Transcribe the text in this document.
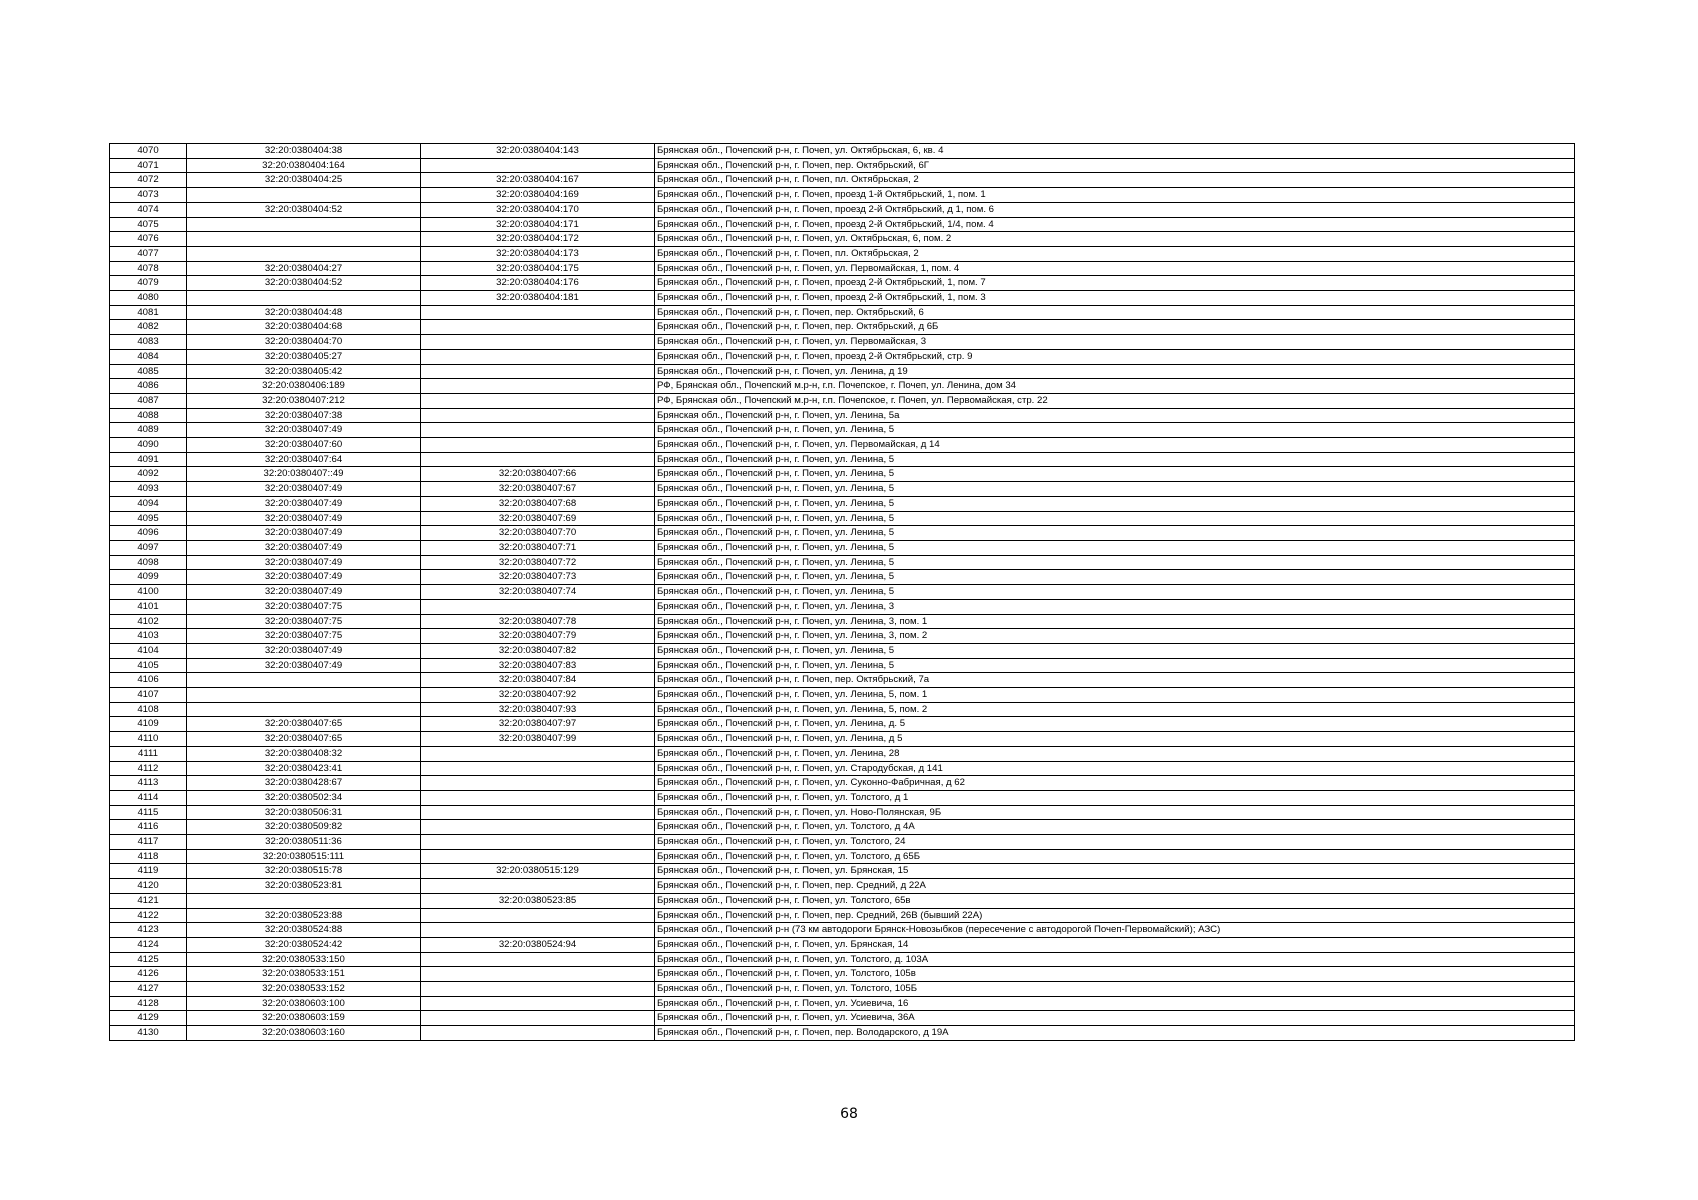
4070	32:20:0380404:38	32:20:0380404:143	Брянская обл., Почепский р-н, г. Почеп, ул. Октябрьская, 6, кв. 4
4071	32:20:0380404:164		Брянская обл., Почепский р-н, г. Почеп, пер. Октябрьский, 6Г
4072	32:20:0380404:25	32:20:0380404:167	Брянская обл., Почепский р-н, г. Почеп, пл. Октябрьская, 2
4073		32:20:0380404:169	Брянская обл., Почепский р-н, г. Почеп, проезд 1-й Октябрьский, 1, пом. 1
4074	32:20:0380404:52	32:20:0380404:170	Брянская обл., Почепский р-н, г. Почеп, проезд 2-й Октябрьский, д 1, пом. 6
4075		32:20:0380404:171	Брянская обл., Почепский р-н, г. Почеп, проезд 2-й Октябрьский, 1/4, пом. 4
4076		32:20:0380404:172	Брянская обл., Почепский р-н, г. Почеп, ул. Октябрьская, 6, пом. 2
4077		32:20:0380404:173	Брянская обл., Почепский р-н, г. Почеп, пл. Октябрьская, 2
4078	32:20:0380404:27	32:20:0380404:175	Брянская обл., Почепский р-н, г. Почеп, ул. Первомайская, 1, пом. 4
4079	32:20:0380404:52	32:20:0380404:176	Брянская обл., Почепский р-н, г. Почеп, проезд 2-й Октябрьский, 1, пом. 7
4080		32:20:0380404:181	Брянская обл., Почепский р-н, г. Почеп, проезд 2-й Октябрьский, 1, пом. 3
4081	32:20:0380404:48		Брянская обл., Почепский р-н, г. Почеп, пер. Октябрьский, 6
4082	32:20:0380404:68		Брянская обл., Почепский р-н, г. Почеп, пер. Октябрьский, д 6Б
4083	32:20:0380404:70		Брянская обл., Почепский р-н, г. Почеп, ул. Первомайская, 3
4084	32:20:0380405:27		Брянская обл., Почепский р-н, г. Почеп, проезд 2-й Октябрьский, стр. 9
4085	32:20:0380405:42		Брянская обл., Почепский р-н, г. Почеп, ул. Ленина, д 19
4086	32:20:0380406:189		РФ, Брянская обл., Почепский м.р-н, г.п. Почепское, г. Почеп, ул. Ленина, дом 34
4087	32:20:0380407:212		РФ, Брянская обл., Почепский м.р-н, г.п. Почепское, г. Почеп, ул. Первомайская, стр. 22
4088	32:20:0380407:38		Брянская обл., Почепский р-н, г. Почеп, ул. Ленина, 5а
4089	32:20:0380407:49		Брянская обл., Почепский р-н, г. Почеп, ул. Ленина, 5
4090	32:20:0380407:60		Брянская обл., Почепский р-н, г. Почеп, ул. Первомайская, д 14
4091	32:20:0380407:64		Брянская обл., Почепский р-н, г. Почеп, ул. Ленина, 5
4092	32:20:0380407::49	32:20:0380407:66	Брянская обл., Почепский р-н, г. Почеп, ул. Ленина, 5
4093	32:20:0380407:49	32:20:0380407:67	Брянская обл., Почепский р-н, г. Почеп, ул. Ленина, 5
4094	32:20:0380407:49	32:20:0380407:68	Брянская обл., Почепский р-н, г. Почеп, ул. Ленина, 5
4095	32:20:0380407:49	32:20:0380407:69	Брянская обл., Почепский р-н, г. Почеп, ул. Ленина, 5
4096	32:20:0380407:49	32:20:0380407:70	Брянская обл., Почепский р-н, г. Почеп, ул. Ленина, 5
4097	32:20:0380407:49	32:20:0380407:71	Брянская обл., Почепский р-н, г. Почеп, ул. Ленина, 5
4098	32:20:0380407:49	32:20:0380407:72	Брянская обл., Почепский р-н, г. Почеп, ул. Ленина, 5
4099	32:20:0380407:49	32:20:0380407:73	Брянская обл., Почепский р-н, г. Почеп, ул. Ленина, 5
4100	32:20:0380407:49	32:20:0380407:74	Брянская обл., Почепский р-н, г. Почеп, ул. Ленина, 5
4101	32:20:0380407:75		Брянская обл., Почепский р-н, г. Почеп, ул. Ленина, 3
4102	32:20:0380407:75	32:20:0380407:78	Брянская обл., Почепский р-н, г. Почеп, ул. Ленина, 3, пом. 1
4103	32:20:0380407:75	32:20:0380407:79	Брянская обл., Почепский р-н, г. Почеп, ул. Ленина, 3, пом. 2
4104	32:20:0380407:49	32:20:0380407:82	Брянская обл., Почепский р-н, г. Почеп, ул. Ленина, 5
4105	32:20:0380407:49	32:20:0380407:83	Брянская обл., Почепский р-н, г. Почеп, ул. Ленина, 5
4106		32:20:0380407:84	Брянская обл., Почепский р-н, г. Почеп, пер. Октябрьский, 7а
4107		32:20:0380407:92	Брянская обл., Почепский р-н, г. Почеп, ул. Ленина, 5, пом. 1
4108		32:20:0380407:93	Брянская обл., Почепский р-н, г. Почеп, ул. Ленина, 5, пом. 2
4109	32:20:0380407:65	32:20:0380407:97	Брянская обл., Почепский р-н, г. Почеп, ул. Ленина, д. 5
4110	32:20:0380407:65	32:20:0380407:99	Брянская обл., Почепский р-н, г. Почеп, ул. Ленина, д 5
4111	32:20:0380408:32		Брянская обл., Почепский р-н, г. Почеп, ул. Ленина, 28
4112	32:20:0380423:41		Брянская обл., Почепский р-н, г. Почеп, ул. Стародубская, д 141
4113	32:20:0380428:67		Брянская обл., Почепский р-н, г. Почеп, ул. Суконно-Фабричная, д 62
4114	32:20:0380502:34		Брянская обл., Почепский р-н, г. Почеп, ул. Толстого, д 1
4115	32:20:0380506:31		Брянская обл., Почепский р-н, г. Почеп, ул. Ново-Полянская, 9Б
4116	32:20:0380509:82		Брянская обл., Почепский р-н, г. Почеп, ул. Толстого, д 4А
4117	32:20:0380511:36		Брянская обл., Почепский р-н, г. Почеп, ул. Толстого, 24
4118	32:20:0380515:111		Брянская обл., Почепский р-н, г. Почеп, ул. Толстого, д 65Б
4119	32:20:0380515:78	32:20:0380515:129	Брянская обл., Почепский р-н, г. Почеп, ул. Брянская, 15
4120	32:20:0380523:81		Брянская обл., Почепский р-н, г. Почеп, пер. Средний, д 22А
4121		32:20:0380523:85	Брянская обл., Почепский р-н, г. Почеп, ул. Толстого, 65в
4122	32:20:0380523:88		Брянская обл., Почепский р-н, г. Почеп, пер. Средний, 26В (бывший 22А)
4123	32:20:0380524:88		Брянская обл., Почепский р-н (73 км автодороги Брянск-Новозыбков (пересечение с автодорогой Почеп-Первомайский); АЗС)
4124	32:20:0380524:42	32:20:0380524:94	Брянская обл., Почепский р-н, г. Почеп, ул. Брянская, 14
4125	32:20:0380533:150		Брянская обл., Почепский р-н, г. Почеп, ул. Толстого, д. 103А
4126	32:20:0380533:151		Брянская обл., Почепский р-н, г. Почеп, ул. Толстого, 105в
4127	32:20:0380533:152		Брянская обл., Почепский р-н, г. Почеп, ул. Толстого, 105Б
4128	32:20:0380603:100		Брянская обл., Почепский р-н, г. Почеп, ул. Усиевича, 16
4129	32:20:0380603:159		Брянская обл., Почепский р-н, г. Почеп, ул. Усиевича, 36А
4130	32:20:0380603:160		Брянская обл., Почепский р-н, г. Почеп, пер. Володарского, д 19А
68
